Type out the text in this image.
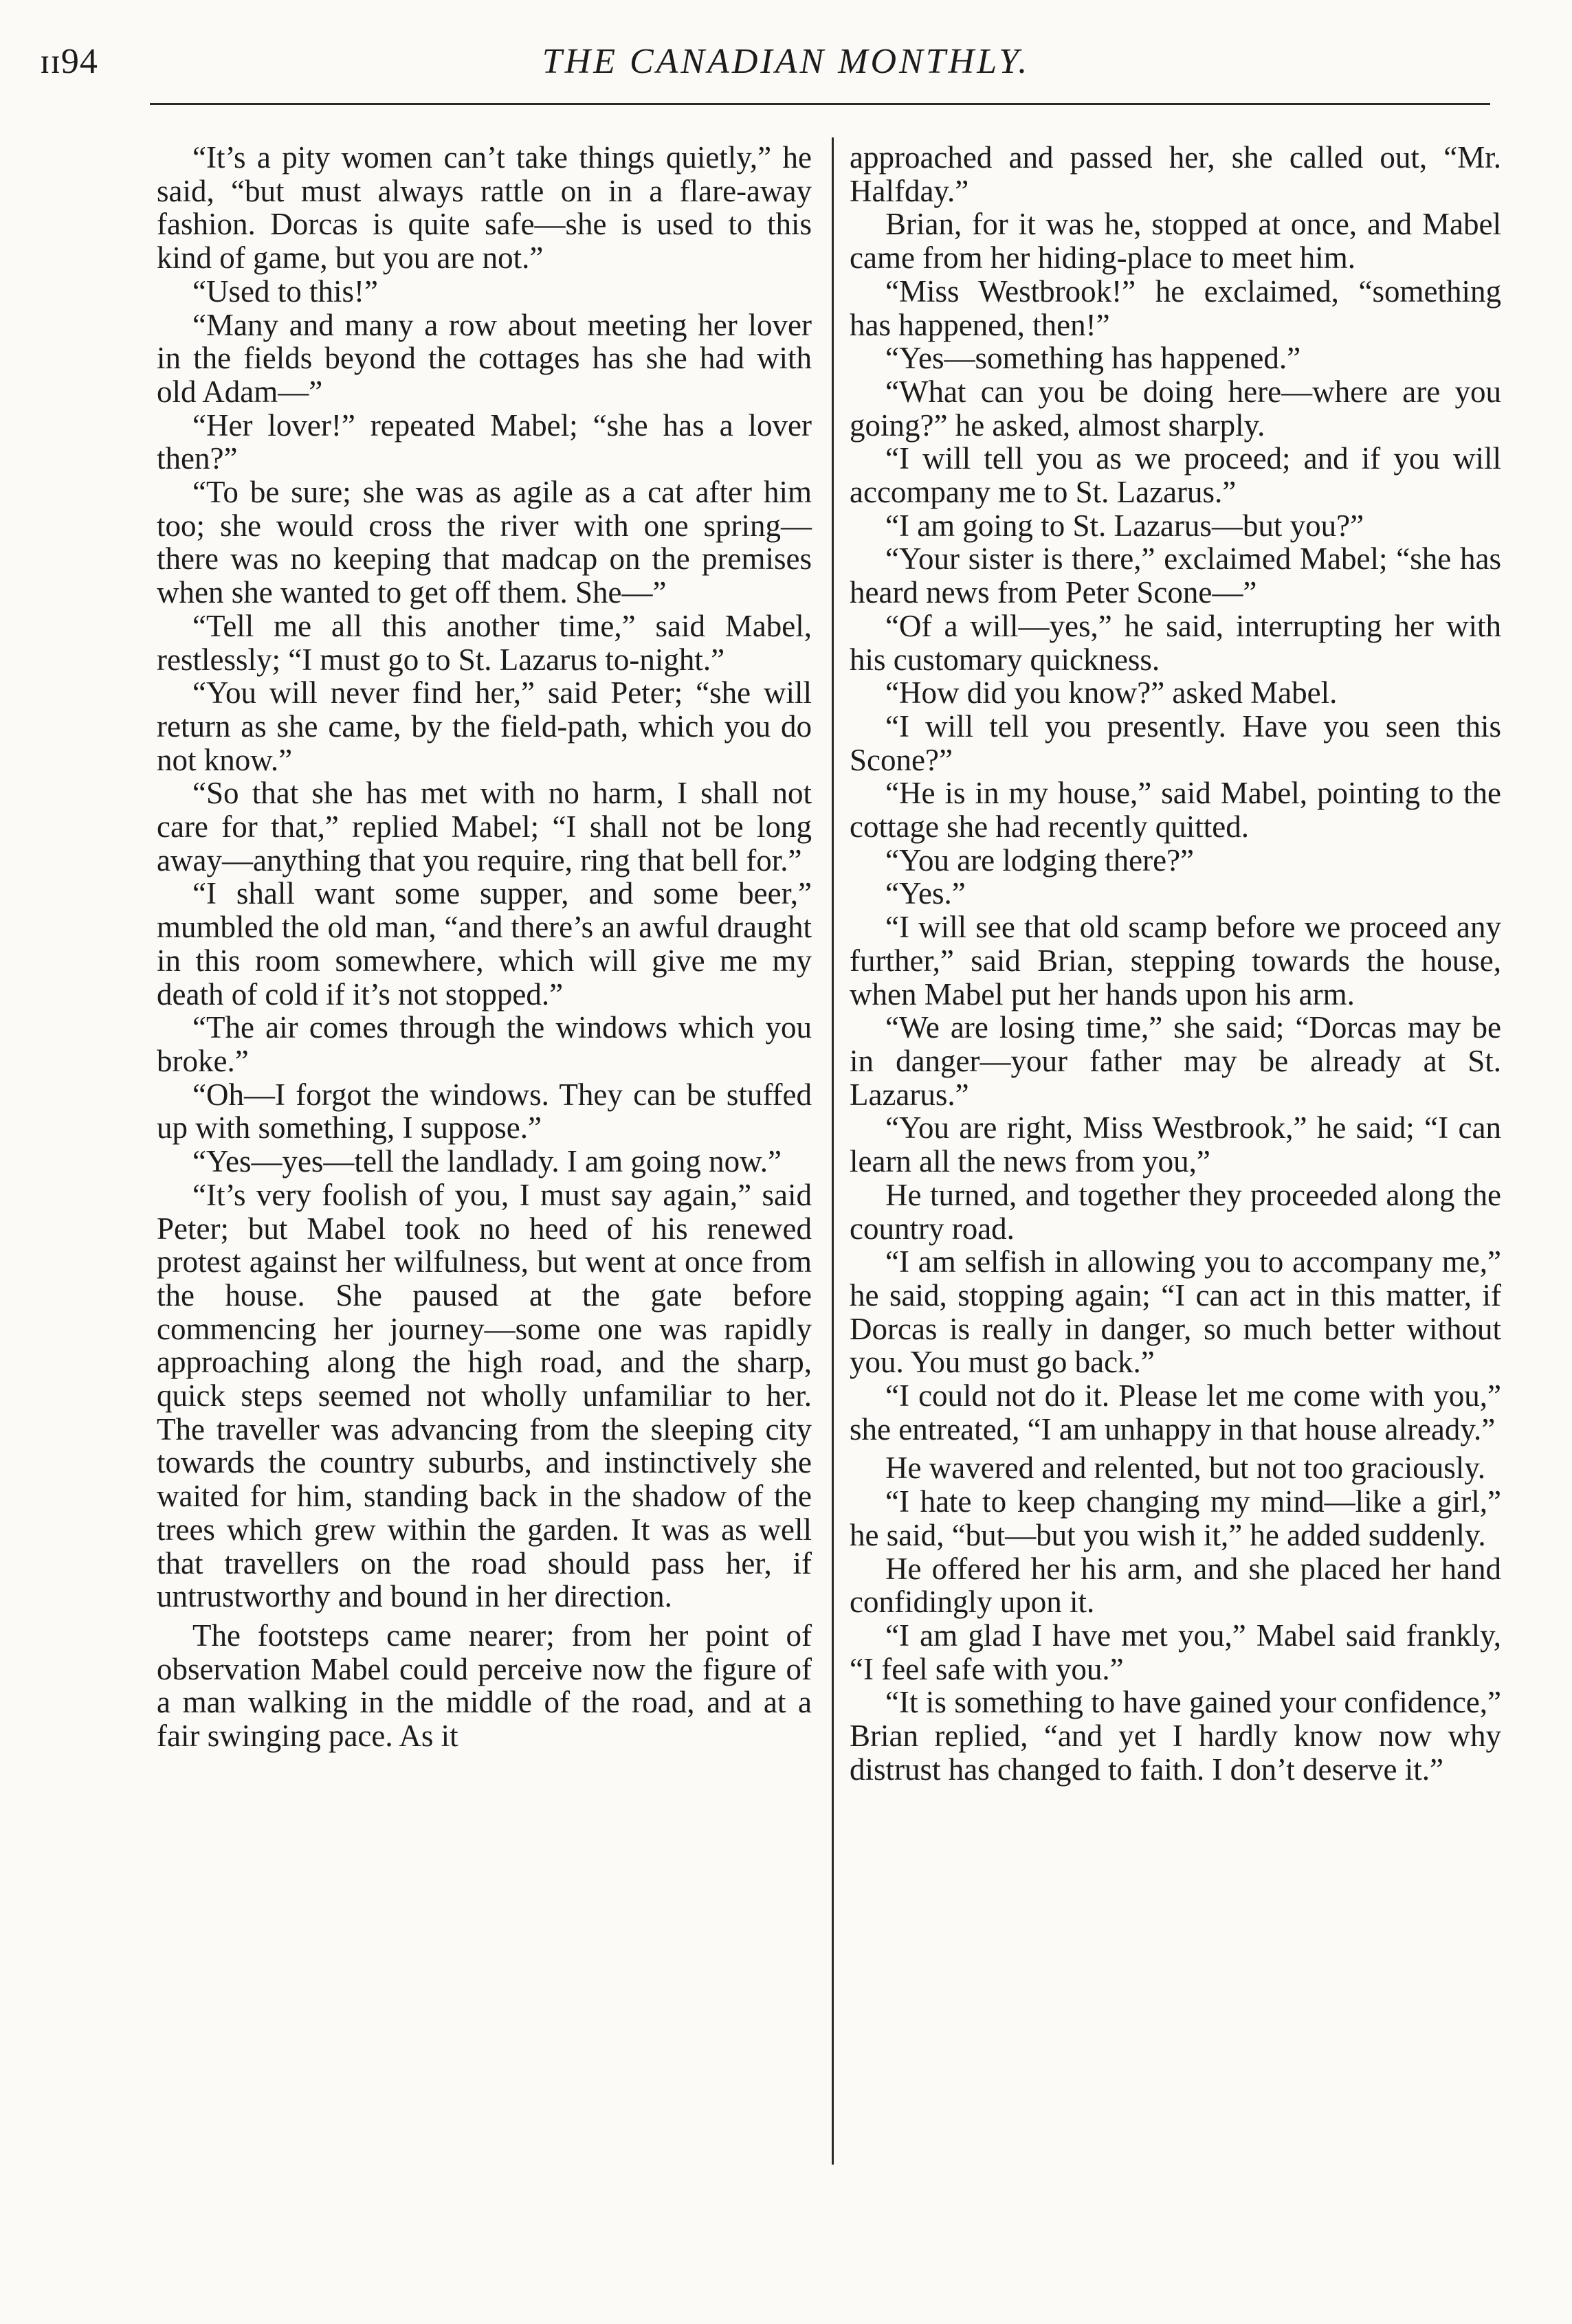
ɪɪ94	THE CANADIAN MONTHLY.

“It’s a pity women can’t take things quietly,” he said, “but must always rattle on in a flare-away fashion. Dorcas is quite safe—she is used to this kind of game, but you are not.”

“Used to this!”

“Many and many a row about meeting her lover in the fields beyond the cottages has she had with old Adam—”

“Her lover!” repeated Mabel; “she has a lover then?”

“To be sure; she was as agile as a cat after him too; she would cross the river with one spring—there was no keeping that madcap on the premises when she wanted to get off them. She—”

“Tell me all this another time,” said Mabel, restlessly; “I must go to St. Lazarus to-night.”

“You will never find her,” said Peter; “she will return as she came, by the field-path, which you do not know.”

“So that she has met with no harm, I shall not care for that,” replied Mabel; “I shall not be long away—anything that you require, ring that bell for.”

“I shall want some supper, and some beer,” mumbled the old man, “and there’s an awful draught in this room somewhere, which will give me my death of cold if it’s not stopped.”

“The air comes through the windows which you broke.”

“Oh—I forgot the windows. They can be stuffed up with something, I suppose.”

“Yes—yes—tell the landlady. I am going now.”

“It’s very foolish of you, I must say again,” said Peter; but Mabel took no heed of his renewed protest against her wilfulness, but went at once from the house. She paused at the gate before commencing her journey—some one was rapidly approaching along the high road, and the sharp, quick steps seemed not wholly unfamiliar to her. The traveller was advancing from the sleeping city towards the country suburbs, and instinctively she waited for him, standing back in the shadow of the trees which grew within the garden. It was as well that travellers on the road should pass her, if untrustworthy and bound in her direction.

The footsteps came nearer; from her point of observation Mabel could perceive now the figure of a man walking in the middle of the road, and at a fair swinging pace. As it

approached and passed her, she called out, “Mr. Halfday.”

Brian, for it was he, stopped at once, and Mabel came from her hiding-place to meet him.

“Miss Westbrook!” he exclaimed, “something has happened, then!”

“Yes—something has happened.”

“What can you be doing here—where are you going?” he asked, almost sharply.

“I will tell you as we proceed; and if you will accompany me to St. Lazarus.”

“I am going to St. Lazarus—but you?”

“Your sister is there,” exclaimed Mabel; “she has heard news from Peter Scone—”

“Of a will—yes,” he said, interrupting her with his customary quickness.

“How did you know?” asked Mabel.

“I will tell you presently. Have you seen this Scone?”

“He is in my house,” said Mabel, pointing to the cottage she had recently quitted.

“You are lodging there?”

“Yes.”

“I will see that old scamp before we proceed any further,” said Brian, stepping towards the house, when Mabel put her hands upon his arm.

“We are losing time,” she said; “Dorcas may be in danger—your father may be already at St. Lazarus.”

“You are right, Miss Westbrook,” he said; “I can learn all the news from you,”

He turned, and together they proceeded along the country road.

“I am selfish in allowing you to accompany me,” he said, stopping again; “I can act in this matter, if Dorcas is really in danger, so much better without you. You must go back.”

“I could not do it. Please let me come with you,” she entreated, “I am unhappy in that house already.”

He wavered and relented, but not too graciously.

“I hate to keep changing my mind—like a girl,” he said, “but—but you wish it,” he added suddenly.

He offered her his arm, and she placed her hand confidingly upon it.

“I am glad I have met you,” Mabel said frankly, “I feel safe with you.”

“It is something to have gained your confidence,” Brian replied, “and yet I hardly know now why distrust has changed to faith. I don’t deserve it.”
